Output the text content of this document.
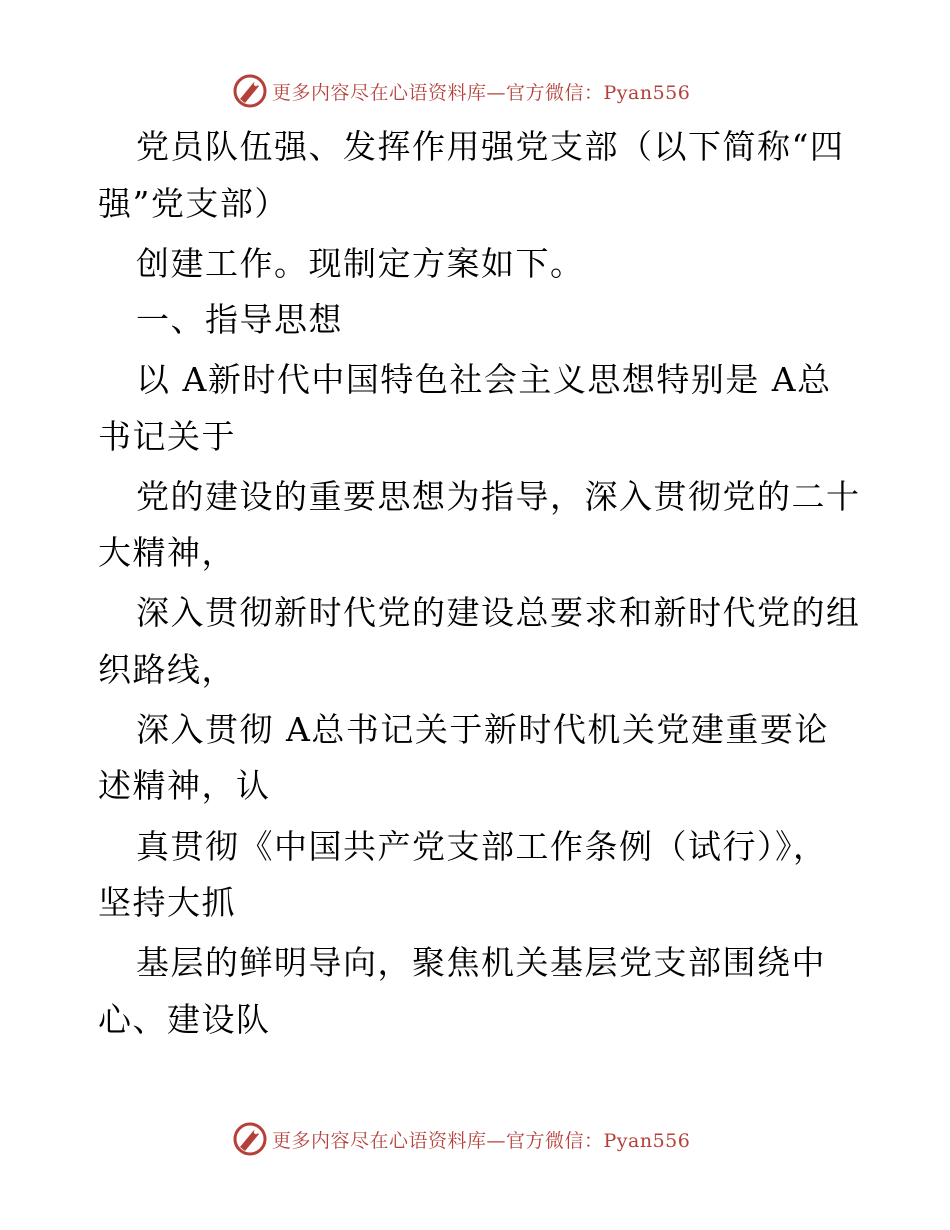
更多内容尽在心语资料库—官方微信：Pyan556
党员队伍强、发挥作用强党支部（以下简称“四
强”党支部）
创建工作。现制定方案如下。
一、指导思想
以 A新时代中国特色社会主义思想特别是 A总
书记关于
党的建设的重要思想为指导，深入贯彻党的二十
大精神，
深入贯彻新时代党的建设总要求和新时代党的组
织路线，
深入贯彻 A总书记关于新时代机关党建重要论
述精神，认
真贯彻《中国共产党支部工作条例（试行）》，
坚持大抓
基层的鲜明导向，聚焦机关基层党支部围绕中
心、建设队
更多内容尽在心语资料库—官方微信：Pyan556
